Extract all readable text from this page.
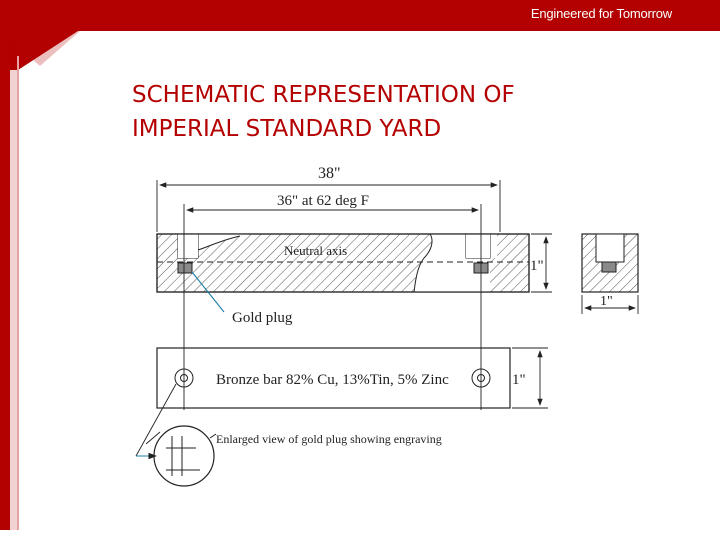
38"
36" at 62 deg F
Neutral axis
Gold plug
1"
1"
Bronze bar 82% Cu, 13%Tin, 5% Zinc	1"
Enlarged view of gold plug showing engraving
Engineered for Tomorrow
SCHEMATIC REPRESENTATION OF
IMPERIAL STANDARD YARD
